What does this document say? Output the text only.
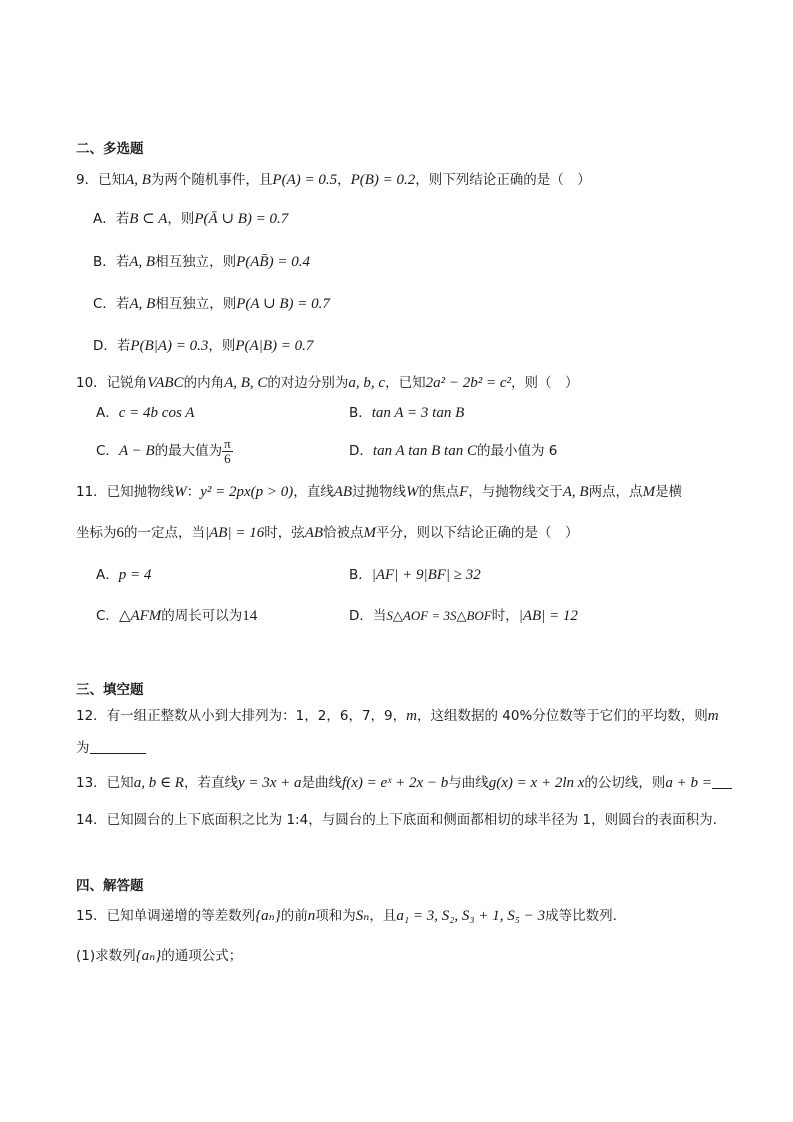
二、多选题
9．已知A, B为两个随机事件，且P(A) = 0.5，P(B) = 0.2，则下列结论正确的是（　）
A．若B ⊂ A，则P(Ā ∪ B) = 0.7
B．若A, B相互独立，则P(AB̄) = 0.4
C．若A, B相互独立，则P(A ∪ B) = 0.7
D．若P(B|A) = 0.3，则P(A|B) = 0.7
10．记锐角VABC的内角A, B, C的对边分别为a, b, c，已知2a² − 2b² = c²，则（　）
A．c = 4b cos A	B．tan A = 3 tan B
C．A − B的最大值为 $\frac{\pi}{6}$	D．tan A tan B tan C的最小值为 6
11．已知抛物线W：y² = 2px(p > 0)，直线AB过抛物线W的焦点F，与抛物线交于A, B两点，点M是横
坐标为6的一定点，当|AB| = 16时，弦AB恰被点M平分，则以下结论正确的是（　）
A．p = 4	B．|AF| + 9|BF| ≥ 32
C．△AFM的周长可以为14	D．当S△AOF = 3S△BOF时，|AB| = 12
三、填空题
12．有一组正整数从小到大排列为：1，2，6，7，9，m，这组数据的 40%分位数等于它们的平均数，则m
为
13．已知a, b ∈ R，若直线y = 3x + a是曲线f(x) = eˣ + 2x − b与曲线g(x) = x + 2ln x的公切线，则a + b =
14．已知圆台的上下底面积之比为 1:4，与圆台的上下底面和侧面都相切的球半径为 1，则圆台的表面积为.
四、解答题
15．已知单调递增的等差数列{aₙ}的前n项和为Sₙ，且a₁ = 3, S₂, S₃ + 1, S₅ − 3成等比数列．
(1)求数列{aₙ}的通项公式；
